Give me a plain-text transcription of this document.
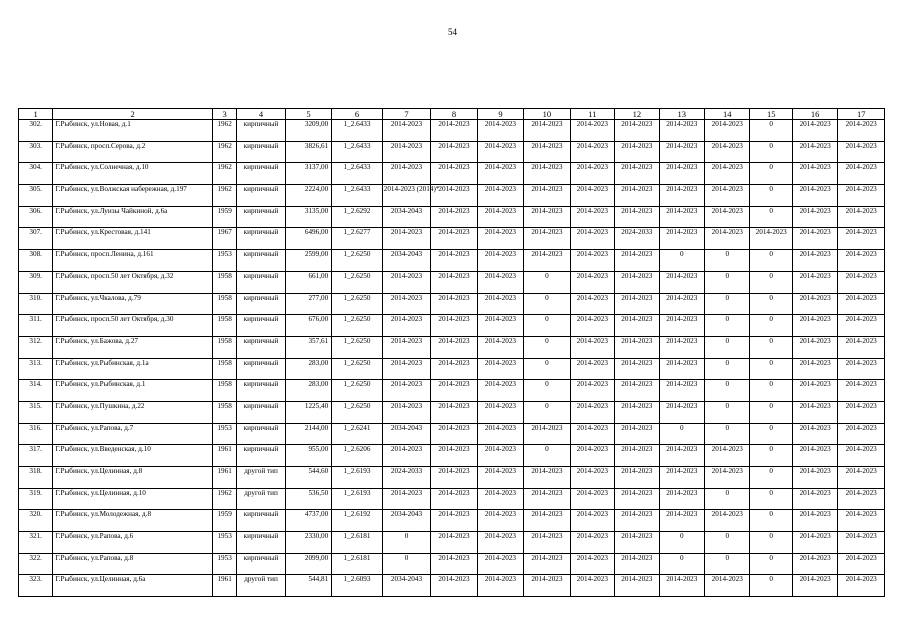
54
1	2	3	4	5	6	7	8	9	10	11	12	13	14	15	16	17
302.	Г.Рыбинск, ул.Новая, д.1	1962	кирпичный	3209,00	1_2.6433	2014-2023	2014-2023	2014-2023	2014-2023	2014-2023	2014-2023	2014-2023	2014-2023	0	2014-2023	2014-2023
303.	Г.Рыбинск, просп.Серова, д.2	1962	кирпичный	3826,61	1_2.6433	2014-2023	2014-2023	2014-2023	2014-2023	2014-2023	2014-2023	2014-2023	2014-2023	0	2014-2023	2014-2023
304.	Г.Рыбинск, ул.Солнечная, д.10	1962	кирпичный	3137,00	1_2.6433	2014-2023	2014-2023	2014-2023	2014-2023	2014-2023	2014-2023	2014-2023	2014-2023	0	2014-2023	2014-2023
305.	Г.Рыбинск, ул.Волжская набережная, д.197	1962	кирпичный	2224,00	1_2.6433	2014-2023 (2014)*	2014-2023	2014-2023	2014-2023	2014-2023	2014-2023	2014-2023	2014-2023	0	2014-2023	2014-2023
306.	Г.Рыбинск, ул.Луизы Чайкиной, д.6а	1959	кирпичный	3135,00	1_2.6292	2034-2043	2014-2023	2014-2023	2014-2023	2014-2023	2014-2023	2014-2023	2014-2023	0	2014-2023	2014-2023
307.	Г.Рыбинск, ул.Крестовая, д.141	1967	кирпичный	6496,00	1_2.6277	2014-2023	2014-2023	2014-2023	2014-2023	2014-2023	2024-2033	2014-2023	2014-2023	2014-2023	2014-2023	2014-2023
308.	Г.Рыбинск, просп.Ленина, д.161	1953	кирпичный	2599,00	1_2.6250	2034-2043	2014-2023	2014-2023	2014-2023	2014-2023	2014-2023	0	0	0	2014-2023	2014-2023
309.	Г.Рыбинск, просп.50 лет Октября, д.32	1958	кирпичный	661,00	1_2.6250	2014-2023	2014-2023	2014-2023	0	2014-2023	2014-2023	2014-2023	0	0	2014-2023	2014-2023
310.	Г.Рыбинск, ул.Чкалова, д.79	1958	кирпичный	277,00	1_2.6250	2014-2023	2014-2023	2014-2023	0	2014-2023	2014-2023	2014-2023	0	0	2014-2023	2014-2023
311.	Г.Рыбинск, просп.50 лет Октября, д.30	1958	кирпичный	676,00	1_2.6250	2014-2023	2014-2023	2014-2023	0	2014-2023	2014-2023	2014-2023	0	0	2014-2023	2014-2023
312.	Г.Рыбинск, ул.Бажова, д.27	1958	кирпичный	357,61	1_2.6250	2014-2023	2014-2023	2014-2023	0	2014-2023	2014-2023	2014-2023	0	0	2014-2023	2014-2023
313.	Г.Рыбинск, ул.Рыбинская, д.1а	1958	кирпичный	283,00	1_2.6250	2014-2023	2014-2023	2014-2023	0	2014-2023	2014-2023	2014-2023	0	0	2014-2023	2014-2023
314.	Г.Рыбинск, ул.Рыбинская, д.1	1958	кирпичный	283,00	1_2.6250	2014-2023	2014-2023	2014-2023	0	2014-2023	2014-2023	2014-2023	0	0	2014-2023	2014-2023
315.	Г.Рыбинск, ул.Пушкина, д.22	1958	кирпичный	1225,40	1_2.6250	2014-2023	2014-2023	2014-2023	0	2014-2023	2014-2023	2014-2023	0	0	2014-2023	2014-2023
316.	Г.Рыбинск, ул.Рапова, д.7	1953	кирпичный	2144,00	1_2.6241	2034-2043	2014-2023	2014-2023	2014-2023	2014-2023	2014-2023	0	0	0	2014-2023	2014-2023
317.	Г.Рыбинск, ул.Введенская, д.10	1961	кирпичный	955,00	1_2.6206	2014-2023	2014-2023	2014-2023	0	2014-2023	2014-2023	2014-2023	2014-2023	0	2014-2023	2014-2023
318.	Г.Рыбинск, ул.Целинная, д.8	1961	другой тип	544,60	1_2.6193	2024-2033	2014-2023	2014-2023	2014-2023	2014-2023	2014-2023	2014-2023	2014-2023	0	2014-2023	2014-2023
319.	Г.Рыбинск, ул.Целинная, д.10	1962	другой тип	536,50	1_2.6193	2014-2023	2014-2023	2014-2023	2014-2023	2014-2023	2014-2023	2014-2023	0	0	2014-2023	2014-2023
320.	Г.Рыбинск, ул.Молодежная, д.8	1959	кирпичный	4737,00	1_2.6192	2034-2043	2014-2023	2014-2023	2014-2023	2014-2023	2014-2023	2014-2023	2014-2023	0	2014-2023	2014-2023
321.	Г.Рыбинск, ул.Рапова, д.6	1953	кирпичный	2330,00	1_2.6181	0	2014-2023	2014-2023	2014-2023	2014-2023	2014-2023	0	0	0	2014-2023	2014-2023
322.	Г.Рыбинск, ул.Рапова, д.8	1953	кирпичный	2099,00	1_2.6181	0	2014-2023	2014-2023	2014-2023	2014-2023	2014-2023	0	0	0	2014-2023	2014-2023
323.	Г.Рыбинск, ул.Целинная, д.6а	1961	другой тип	544,81	1_2.6093	2034-2043	2014-2023	2014-2023	2014-2023	2014-2023	2014-2023	2014-2023	2014-2023	0	2014-2023	2014-2023
